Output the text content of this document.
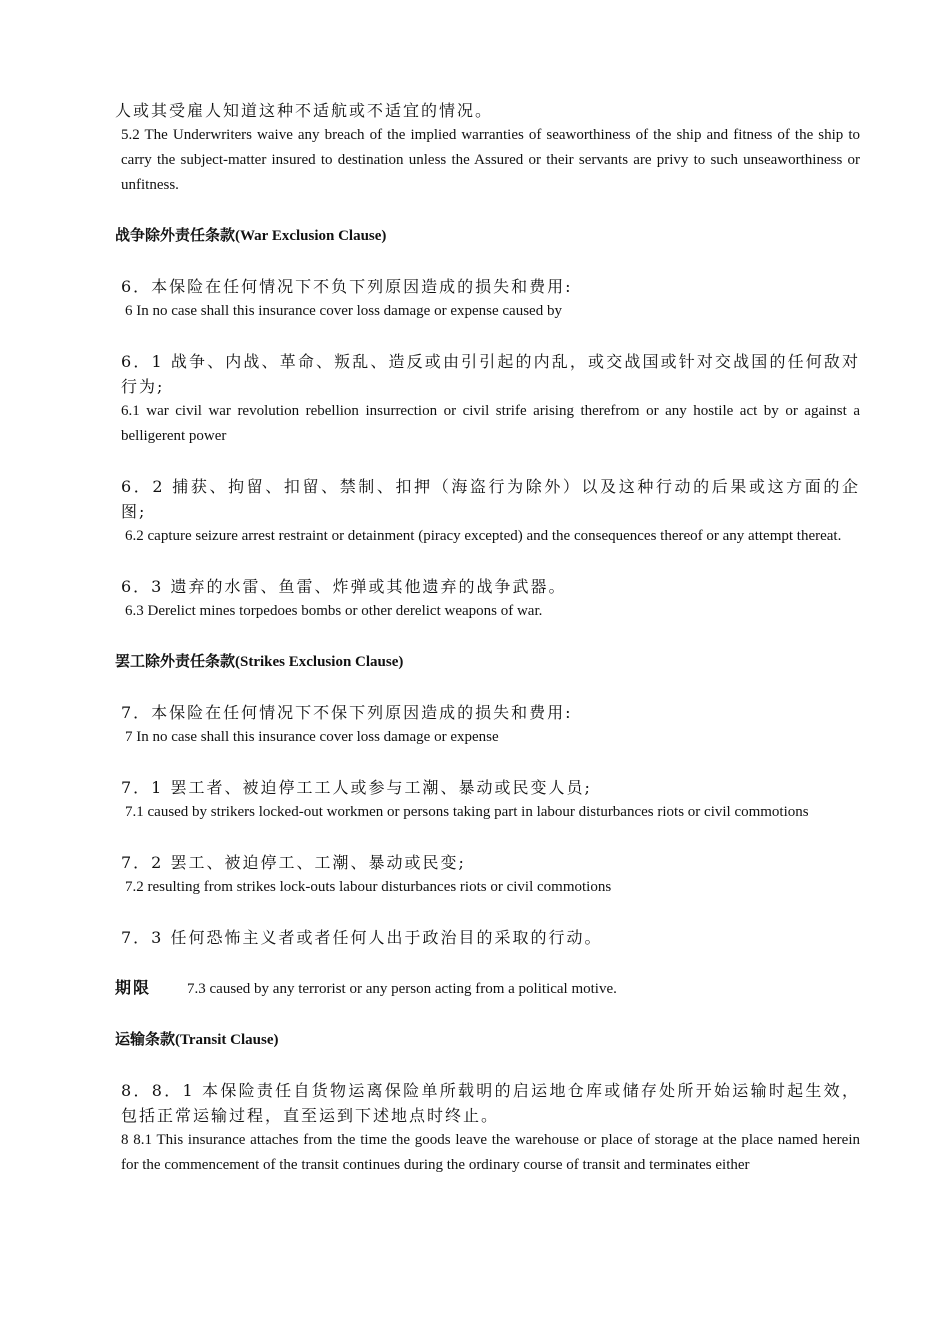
人或其受雇人知道这种不适航或不适宜的情况。

5.2 The Underwriters waive any breach of the implied warranties of seaworthiness of the ship and fitness of the ship to carry the subject-matter insured to destination unless the Assured or their servants are privy to such unseaworthiness or unfitness.

战争除外责任条款(War Exclusion Clause)

6．本保险在任何情况下不负下列原因造成的损失和费用:

6 In no case shall this insurance cover loss damage or expense caused by

6．1 战争、内战、革命、叛乱、造反或由引引起的内乱，或交战国或针对交战国的任何敌对行为;

6.1 war civil war revolution rebellion insurrection or civil strife arising therefrom or any hostile act by or against a belligerent power

6．2 捕获、拘留、扣留、禁制、扣押（海盗行为除外）以及这种行动的后果或这方面的企图;

6.2 capture seizure arrest restraint or detainment (piracy excepted) and the consequences thereof or any attempt thereat.

6．3 遗弃的水雷、鱼雷、炸弹或其他遗弃的战争武器。

6.3 Derelict mines torpedoes bombs or other derelict weapons of war.

罢工除外责任条款(Strikes Exclusion Clause)

7．本保险在任何情况下不保下列原因造成的损失和费用:

7 In no case shall this insurance cover loss damage or expense

7．1 罢工者、被迫停工工人或参与工潮、暴动或民变人员;

7.1 caused by strikers locked-out workmen or persons taking part in labour disturbances riots or civil commotions

7．2 罢工、被迫停工、工潮、暴动或民变;

7.2 resulting from strikes lock-outs labour disturbances riots or civil commotions

7．3 任何恐怖主义者或者任何人出于政治目的采取的行动。

期限 7.3 caused by any terrorist or any person acting from a political motive.

运输条款(Transit Clause)

8．8．1 本保险责任自货物运离保险单所载明的启运地仓库或储存处所开始运输时起生效，包括正常运输过程，直至运到下述地点时终止。

8 8.1 This insurance attaches from the time the goods leave the warehouse or place of storage at the place named herein for the commencement of the transit continues during the ordinary course of transit and terminates either
